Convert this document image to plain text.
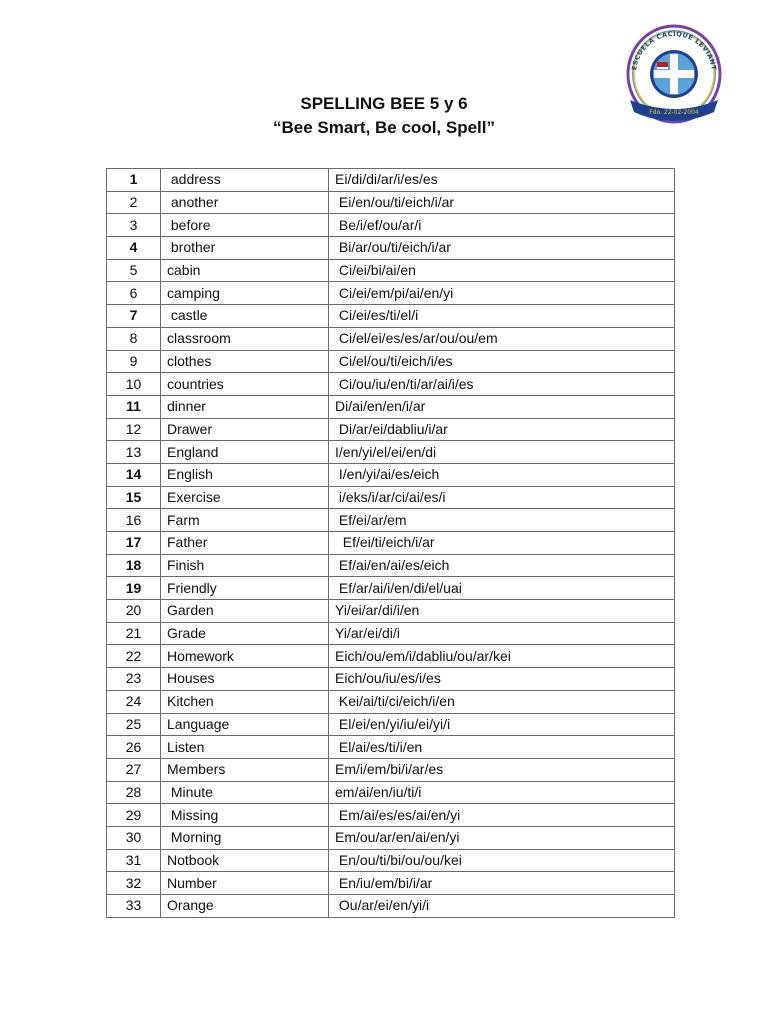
ESCUELA CACIQUE LEVIANT
Fdo. 22-02-2004
SPELLING BEE 5 y 6
“Bee Smart, Be cool, Spell”
1	address	Ei/di/di/ar/i/es/es
2	another	Ei/en/ou/ti/eich/i/ar
3	before	Be/i/ef/ou/ar/i
4	brother	Bi/ar/ou/ti/eich/i/ar
5	cabin	Ci/ei/bi/ai/en
6	camping	Ci/ei/em/pi/ai/en/yi
7	castle	Ci/ei/es/ti/el/i
8	classroom	Ci/el/ei/es/es/ar/ou/ou/em
9	clothes	Ci/el/ou/ti/eich/i/es
10	countries	Ci/ou/iu/en/ti/ar/ai/i/es
11	dinner	Di/ai/en/en/i/ar
12	Drawer	Di/ar/ei/dabliu/i/ar
13	England	I/en/yi/el/ei/en/di
14	English	I/en/yi/ai/es/eich
15	Exercise	i/eks/i/ar/ci/ai/es/i
16	Farm	Ef/ei/ar/em
17	Father	Ef/ei/ti/eich/i/ar
18	Finish	Ef/ai/en/ai/es/eich
19	Friendly	Ef/ar/ai/i/en/di/el/uai
20	Garden	Yi/ei/ar/di/i/en
21	Grade	Yi/ar/ei/di/i
22	Homework	Eich/ou/em/i/dabliu/ou/ar/kei
23	Houses	Eich/ou/iu/es/i/es
24	Kitchen	Kei/ai/ti/ci/eich/i/en
25	Language	El/ei/en/yi/iu/ei/yi/i
26	Listen	El/ai/es/ti/i/en
27	Members	Em/i/em/bi/i/ar/es
28	Minute	em/ai/en/iu/ti/i
29	Missing	Em/ai/es/es/ai/en/yi
30	Morning	Em/ou/ar/en/ai/en/yi
31	Notbook	En/ou/ti/bi/ou/ou/kei
32	Number	En/iu/em/bi/i/ar
33	Orange	Ou/ar/ei/en/yi/i
